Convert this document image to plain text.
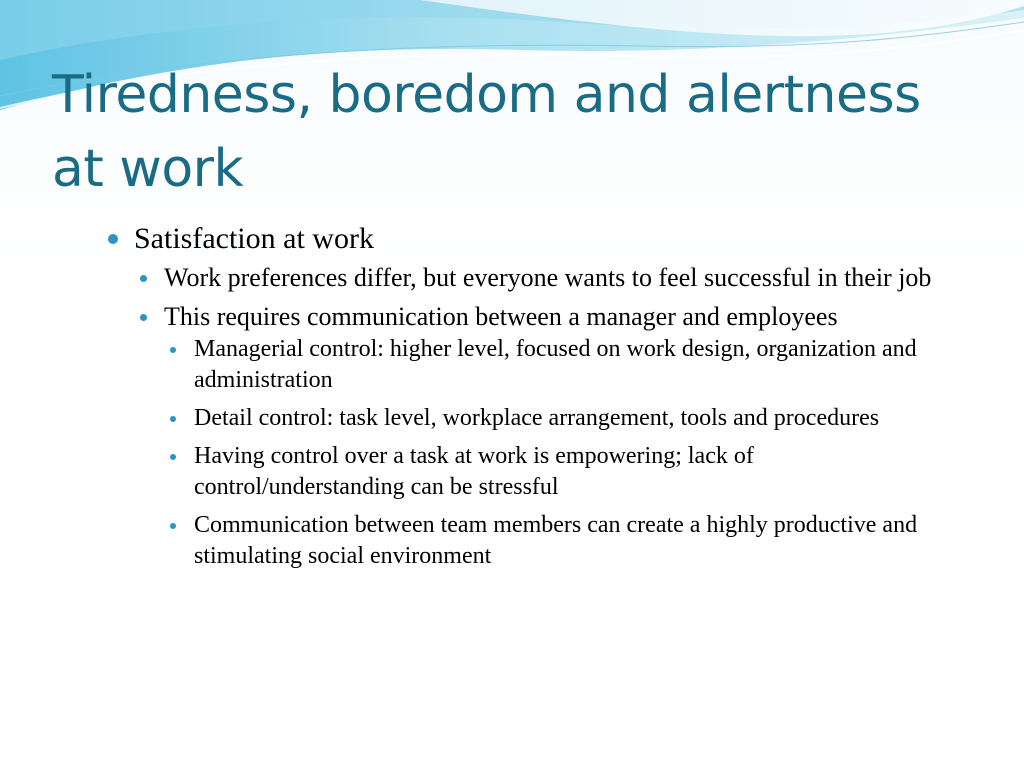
Tiredness, boredom and alertness at work
Satisfaction at work
Work preferences differ, but everyone wants to feel successful in their job
This requires communication between a manager and employees
Managerial control: higher level, focused on work design, organization and administration
Detail control: task level, workplace arrangement, tools and procedures
Having control over a task at work is empowering; lack of control/understanding can be stressful
Communication between team members can create a highly productive and stimulating social environment
